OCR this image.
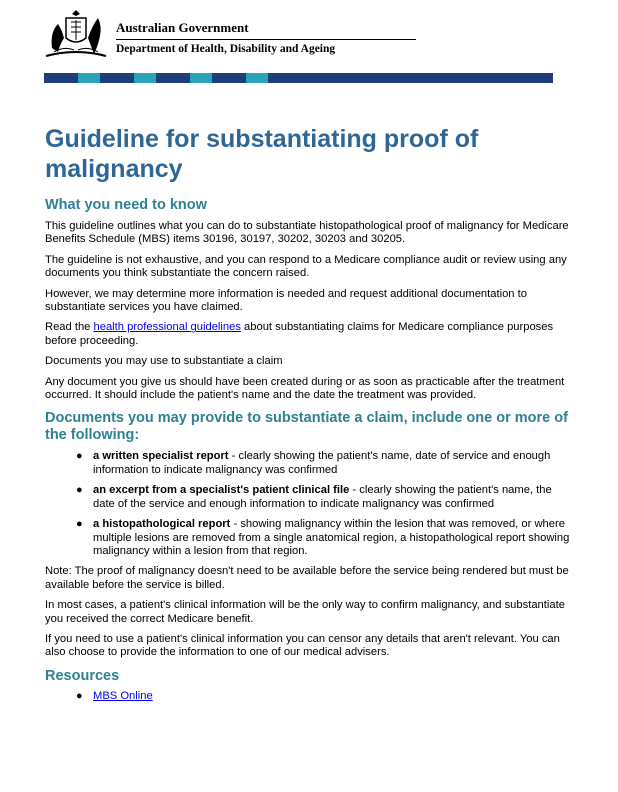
Australian Government
Department of Health, Disability and Ageing
Guideline for substantiating proof of malignancy
What you need to know

This guideline outlines what you can do to substantiate histopathological proof of malignancy for Medicare Benefits Schedule (MBS) items 30196, 30197, 30202, 30203 and 30205.

The guideline is not exhaustive, and you can respond to a Medicare compliance audit or review using any documents you think substantiate the concern raised.

However, we may determine more information is needed and request additional documentation to substantiate services you have claimed.

Read the health professional guidelines about substantiating claims for Medicare compliance purposes before proceeding.

Documents you may use to substantiate a claim

Any document you give us should have been created during or as soon as practicable after the treatment occurred. It should include the patient's name and the date the treatment was provided.

Documents you may provide to substantiate a claim, include one or more of the following:
● a written specialist report - clearly showing the patient's name, date of service and enough information to indicate malignancy was confirmed
● an excerpt from a specialist's patient clinical file - clearly showing the patient's name, the date of the service and enough information to indicate malignancy was confirmed
● a histopathological report - showing malignancy within the lesion that was removed, or where multiple lesions are removed from a single anatomical region, a histopathological report showing malignancy within a lesion from that region.

Note: The proof of malignancy doesn't need to be available before the service being rendered but must be available before the service is billed.

In most cases, a patient's clinical information will be the only way to confirm malignancy, and substantiate you received the correct Medicare benefit.

If you need to use a patient's clinical information you can censor any details that aren't relevant. You can also choose to provide the information to one of our medical advisers.

Resources
● MBS Online
